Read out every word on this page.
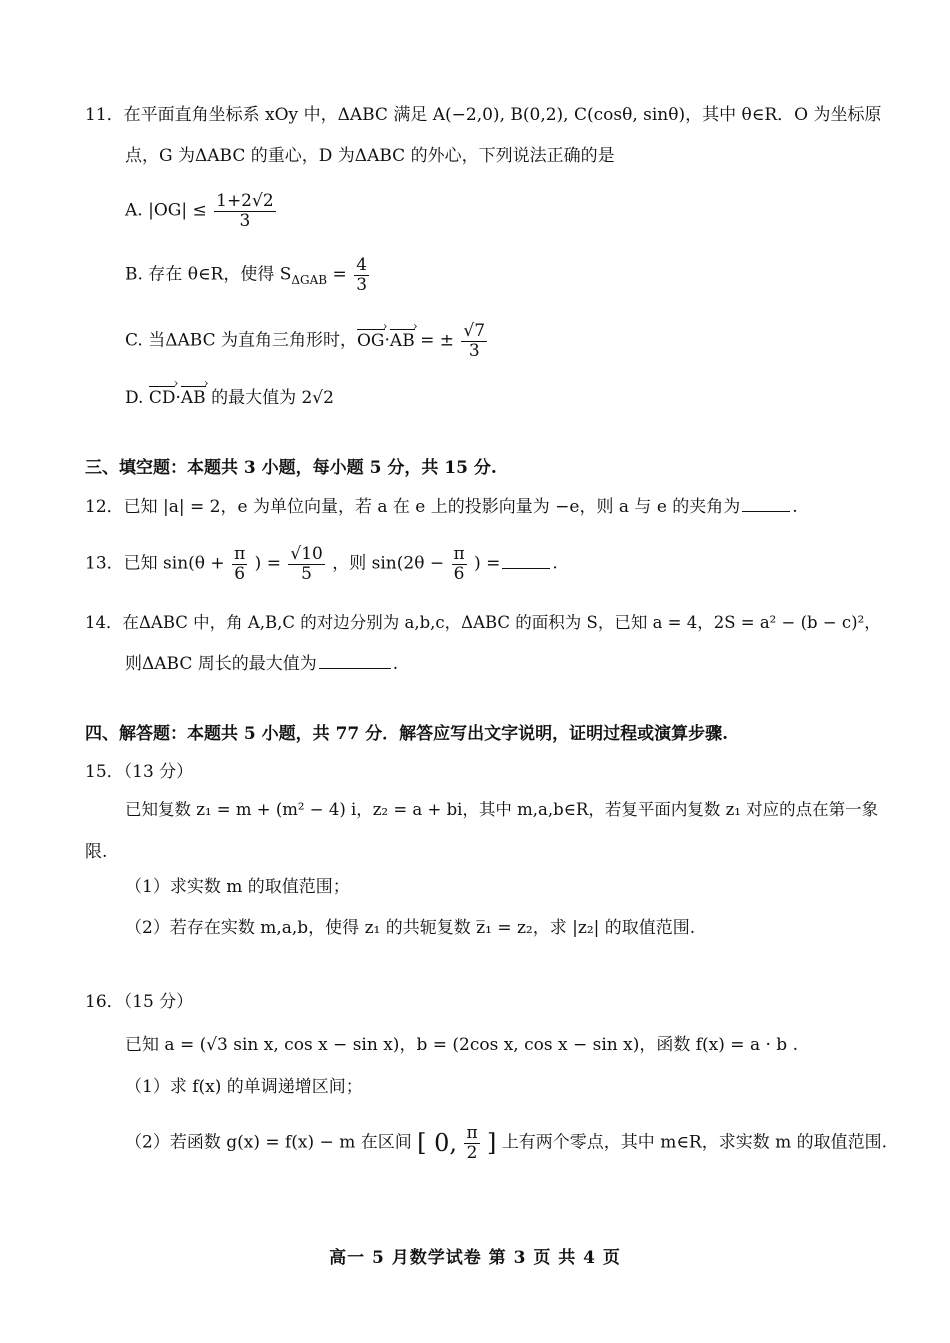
11．在平面直角坐标系 xOy 中，ΔABC 满足 A(−2,0), B(0,2), C(cosθ, sinθ)，其中 θ∈R．O 为坐标原
点，G 为ΔABC 的重心，D 为ΔABC 的外心，下列说法正确的是
A. $|OG| \le \frac{1+2√2}{3}$
B. 存在 θ∈R，使得 $S_{\Delta GAB} = \frac{4}{3}$
C. 当ΔABC 为直角三角形时，OG ›·AB › = ± $\frac{√7}{3}$
D. CD ›·AB › 的最大值为 2√2
三、填空题：本题共 3 小题，每小题 5 分，共 15 分.
12．已知 |a| = 2，e 为单位向量，若 a 在 e 上的投影向量为 −e，则 a 与 e 的夹角为	.
13．已知 $\sin(\theta + \frac{\pi}{6}$ ) = $\frac{√10}{5}$ ，则 $\sin(2\theta - \frac{\pi}{6}$ ) =	.
14．在ΔABC 中，角 A,B,C 的对边分别为 a,b,c，ΔABC 的面积为 S，已知 a = 4，2S = a² − (b − c)²，
则ΔABC 周长的最大值为	.
四、解答题：本题共 5 小题，共 77 分．解答应写出文字说明，证明过程或演算步骤.
15．（13 分）
已知复数 z₁ = m + (m² − 4) i，z₂ = a + bi，其中 m,a,b∈R，若复平面内复数 z₁ 对应的点在第一象
限.
（1）求实数 m 的取值范围；
（2）若存在实数 m,a,b，使得 z₁ 的共轭复数 z̅₁ = z₂，求 |z₂| 的取值范围.
16．（15 分）
已知 a = (√3 sin x, cos x − sin x)，b = (2cos x, cos x − sin x)，函数 f(x) = a · b .
（1）求 f(x) 的单调递增区间；
（2）若函数 g(x) = f(x) − m 在区间 [ 0, $\frac{\pi}{2}$ ] 上有两个零点，其中 m∈R，求实数 m 的取值范围.
高一 5 月数学试卷 第 3 页 共 4 页
